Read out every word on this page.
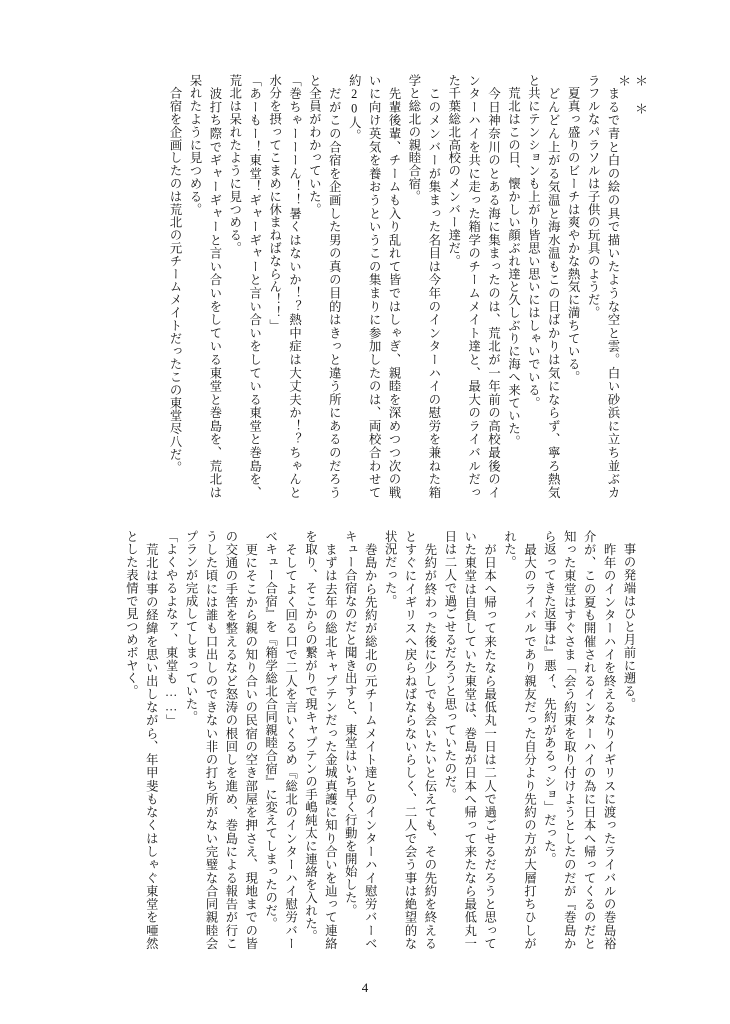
＊ ＊ ＊
　まるで青と白の絵の具で描いたような空と雲。白い砂浜に立ち並ぶカラフルなパラソルは子供の玩具のようだ。
　夏真っ盛りのビーチは爽やかな熱気に満ちている。
　どんどん上がる気温と海水温もこの日ばかりは気にならず、寧ろ熱気と共にテンションも上がり皆思い思いにはしゃいでいる。
　荒北はこの日、懐かしい顔ぶれ達と久しぶりに海へ来ていた。
　今日神奈川のとある海に集まったのは、荒北が一年前の高校最後のインターハイを共に走った箱学のチームメイト達と、最大のライバルだった千葉総北高校のメンバー達だ。
　このメンバーが集まった名目は今年のインターハイの慰労を兼ねた箱学と総北の親睦合宿。
　先輩後輩、チームも入り乱れて皆ではしゃぎ、親睦を深めつつ次の戦いに向け英気を養おうというこの集まりに参加したのは、両校合わせて約20人。
　だがこの合宿を企画した男の真の目的はきっと違う所にあるのだろうと全員がわかっていた。
「巻ちゃーーーん！！暑くはないか！？熱中症は大丈夫か！？ちゃんと水分を摂ってこまめに休まねばならん！！」
「あーもー！東堂！ギャーギャーと言い合いをしている東堂と巻島を、荒北は呆れたように見つめる。
　波打ち際でギャーギャーと言い合いをしている東堂と巻島を、荒北は呆れたように見つめる。
　合宿を企画したのは荒北の元チームメイトだったこの東堂尽八だ。
　事の発端はひと月前に遡る。
　昨年のインターハイを終えるなりイギリスに渡ったライバルの巻島裕介が、この夏も開催されるインターハイの為に日本へ帰ってくるのだと知った東堂はすぐさま「会う約束を取り付けようとしたのだが『巻島から返ってきた返事は』悪ィ、先約があるっショ」だった。
　最大のライバルであり親友だった自分より先約の方が大層打ちひしがれた。
　が日本へ帰って来たなら最低丸一日は二人で過ごせるだろうと思っていた東堂は自負していた東堂は、巻島が日本へ帰って来たなら最低丸一日は二人で過ごせるだろうと思っていたのだ。
　先約が終わった後に少しでも会いたいと伝えても、その先約を終えるとすぐにイギリスへ戻らねばならないらしく、二人で会う事は絶望的な状況だった。
　巻島から先約が総北の元チームメイト達とのインターハイ慰労バーベキュー合宿なのだと聞き出すと、東堂はいち早く行動を開始した。
　まずは去年の総北キャプテンだった金城真護に知り合いを辿って連絡を取り、そこからの繋がりで現キャプテンの手嶋純太に連絡を入れた。
　そしてよく回る口で二人を言いくるめ『総北のインターハイ慰労バーベキュー合宿』を『箱学総北合同親睦合宿』に変えてしまったのだ。
　更にそこから親の知り合いの民宿の空き部屋を押さえ、現地までの皆の交通の手筈を整えるなど怒涛の根回しを進め、巻島による報告が行こうした頃には誰も口出しのできない非の打ち所がない完璧な合同親睦会プランが完成してしまっていた。
「よくやるよなァ、東堂も……」
　荒北は事の経緯を思い出しながら、年甲斐もなくはしゃぐ東堂を唖然とした表情で見つめボヤく。
4
